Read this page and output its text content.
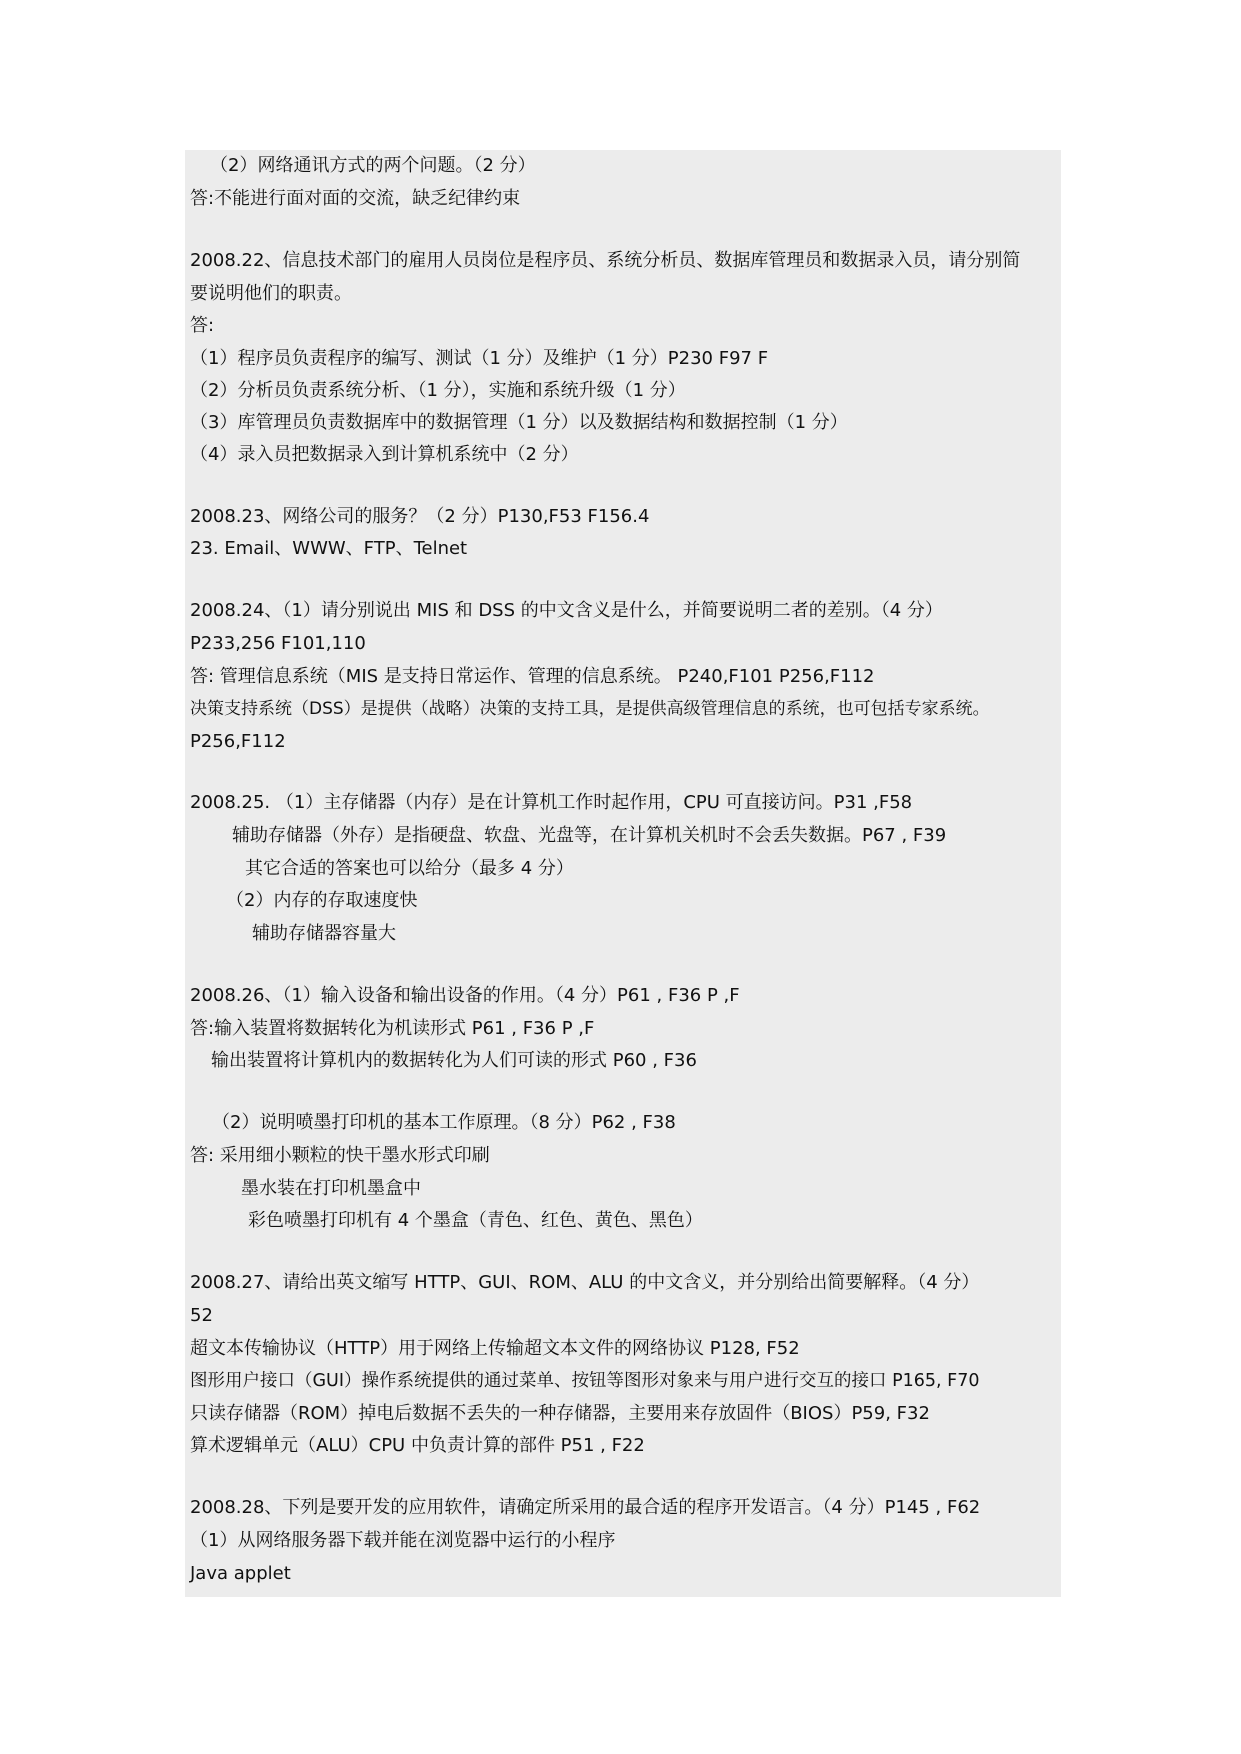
（2）网络通讯方式的两个问题。（2 分）
答:不能进行面对面的交流，缺乏纪律约束
2008.22、信息技术部门的雇用人员岗位是程序员、系统分析员、数据库管理员和数据录入员，请分别简
要说明他们的职责。
答:
（1）程序员负责程序的编写、测试（1 分）及维护（1 分）P230 F97 F
（2）分析员负责系统分析、（1 分），实施和系统升级（1 分）
（3）库管理员负责数据库中的数据管理（1 分）以及数据结构和数据控制（1 分）
（4）录入员把数据录入到计算机系统中（2 分）
2008.23、网络公司的服务？（2 分）P130,F53 F156.4
23. Email、WWW、FTP、Telnet
2008.24、（1）请分别说出 MIS 和 DSS 的中文含义是什么，并简要说明二者的差别。（4 分）
P233,256 F101,110
答: 管理信息系统（MIS 是支持日常运作、管理的信息系统。 P240,F101 P256,F112
决策支持系统（DSS）是提供（战略）决策的支持工具，是提供高级管理信息的系统，也可包括专家系统。
P256,F112
2008.25. （1）主存储器（内存）是在计算机工作时起作用，CPU 可直接访问。P31 ,F58
辅助存储器（外存）是指硬盘、软盘、光盘等，在计算机关机时不会丢失数据。P67 , F39
其它合适的答案也可以给分（最多 4 分）
（2）内存的存取速度快
辅助存储器容量大
2008.26、（1）输入设备和输出设备的作用。（4 分）P61 , F36 P ,F
答:输入装置将数据转化为机读形式 P61 , F36 P ,F
输出装置将计算机内的数据转化为人们可读的形式 P60 , F36
（2）说明喷墨打印机的基本工作原理。（8 分）P62 , F38
答: 采用细小颗粒的快干墨水形式印刷
墨水装在打印机墨盒中
彩色喷墨打印机有 4 个墨盒（青色、红色、黄色、黑色）
2008.27、请给出英文缩写 HTTP、GUI、ROM、ALU 的中文含义，并分别给出简要解释。（4 分）
52
超文本传输协议（HTTP）用于网络上传输超文本文件的网络协议 P128, F52
图形用户接口（GUI）操作系统提供的通过菜单、按钮等图形对象来与用户进行交互的接口 P165, F70
只读存储器（ROM）掉电后数据不丢失的一种存储器，主要用来存放固件（BIOS）P59, F32
算术逻辑单元（ALU）CPU 中负责计算的部件 P51 , F22
2008.28、下列是要开发的应用软件，请确定所采用的最合适的程序开发语言。（4 分）P145 , F62
（1）从网络服务器下载并能在浏览器中运行的小程序
Java applet
